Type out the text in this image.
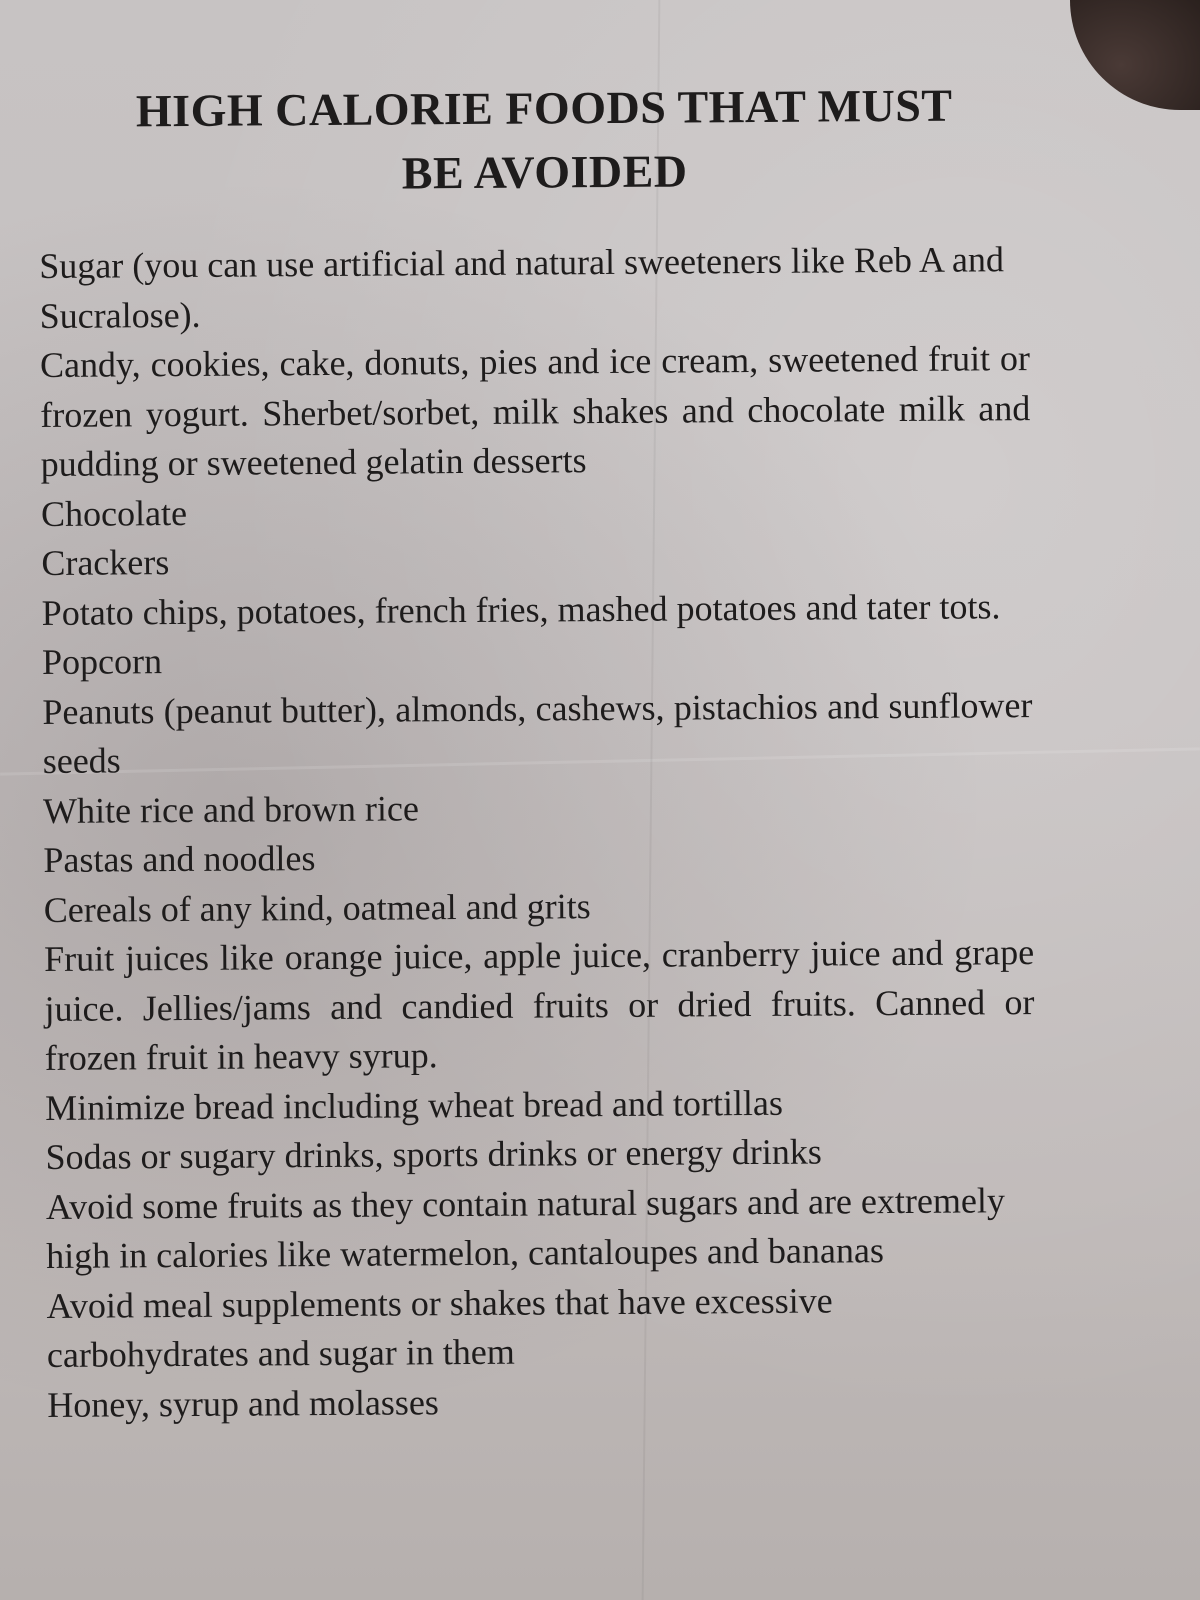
HIGH CALORIE FOODS THAT MUST
BE AVOIDED
Sugar (you can use artificial and natural sweeteners like Reb A and Sucralose).
Candy, cookies, cake, donuts, pies and ice cream, sweetened fruit or frozen yogurt. Sherbet/sorbet, milk shakes and chocolate milk and pudding or sweetened gelatin desserts
Chocolate
Crackers
Potato chips, potatoes, french fries, mashed potatoes and tater tots.
Popcorn
Peanuts (peanut butter), almonds, cashews, pistachios and sunflower seeds
White rice and brown rice
Pastas and noodles
Cereals of any kind, oatmeal and grits
Fruit juices like orange juice, apple juice, cranberry juice and grape juice. Jellies/jams and candied fruits or dried fruits. Canned or frozen fruit in heavy syrup.
Minimize bread including wheat bread and tortillas
Sodas or sugary drinks, sports drinks or energy drinks
Avoid some fruits as they contain natural sugars and are extremely high in calories like watermelon, cantaloupes and bananas
Avoid meal supplements or shakes that have excessive carbohydrates and sugar in them
Honey, syrup and molasses
